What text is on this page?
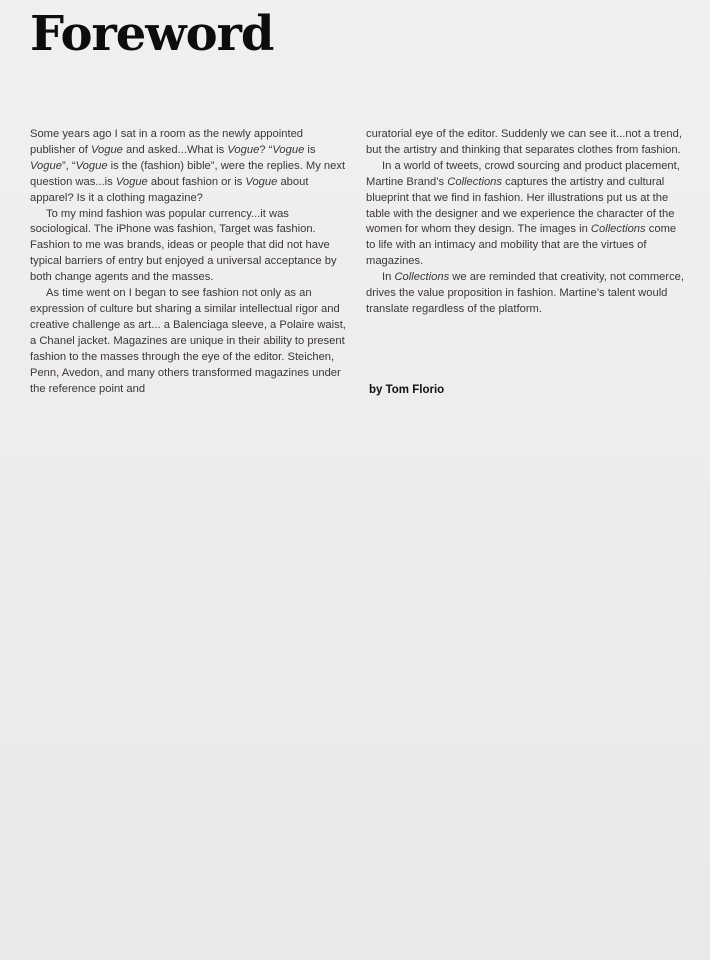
Foreword

Some years ago I sat in a room as the newly appointed publisher of Vogue and asked...What is Vogue? “Vogue is Vogue”, “Vogue is the (fashion) bible”, were the replies. My next question was...is Vogue about fashion or is Vogue about apparel? Is it a clothing magazine?

To my mind fashion was popular currency...it was sociological. The iPhone was fashion, Target was fashion. Fashion to me was brands, ideas or people that did not have typical barriers of entry but enjoyed a universal acceptance by both change agents and the masses.

As time went on I began to see fashion not only as an expression of culture but sharing a similar intellectual rigor and creative challenge as art... a Balenciaga sleeve, a Polaire waist, a Chanel jacket. Magazines are unique in their ability to present fashion to the masses through the eye of the editor. Steichen, Penn, Avedon, and many others transformed magazines under the reference point and

curatorial eye of the editor. Suddenly we can see it...not a trend, but the artistry and thinking that separates clothes from fashion.

In a world of tweets, crowd sourcing and product placement, Martine Brand’s Collections captures the artistry and cultural blueprint that we find in fashion. Her illustrations put us at the table with the designer and we experience the character of the women for whom they design. The images in Collections come to life with an intimacy and mobility that are the virtues of magazines.

In Collections we are reminded that creativity, not commerce, drives the value proposition in fashion. Martine’s talent would translate regardless of the platform.

by Tom Florio
